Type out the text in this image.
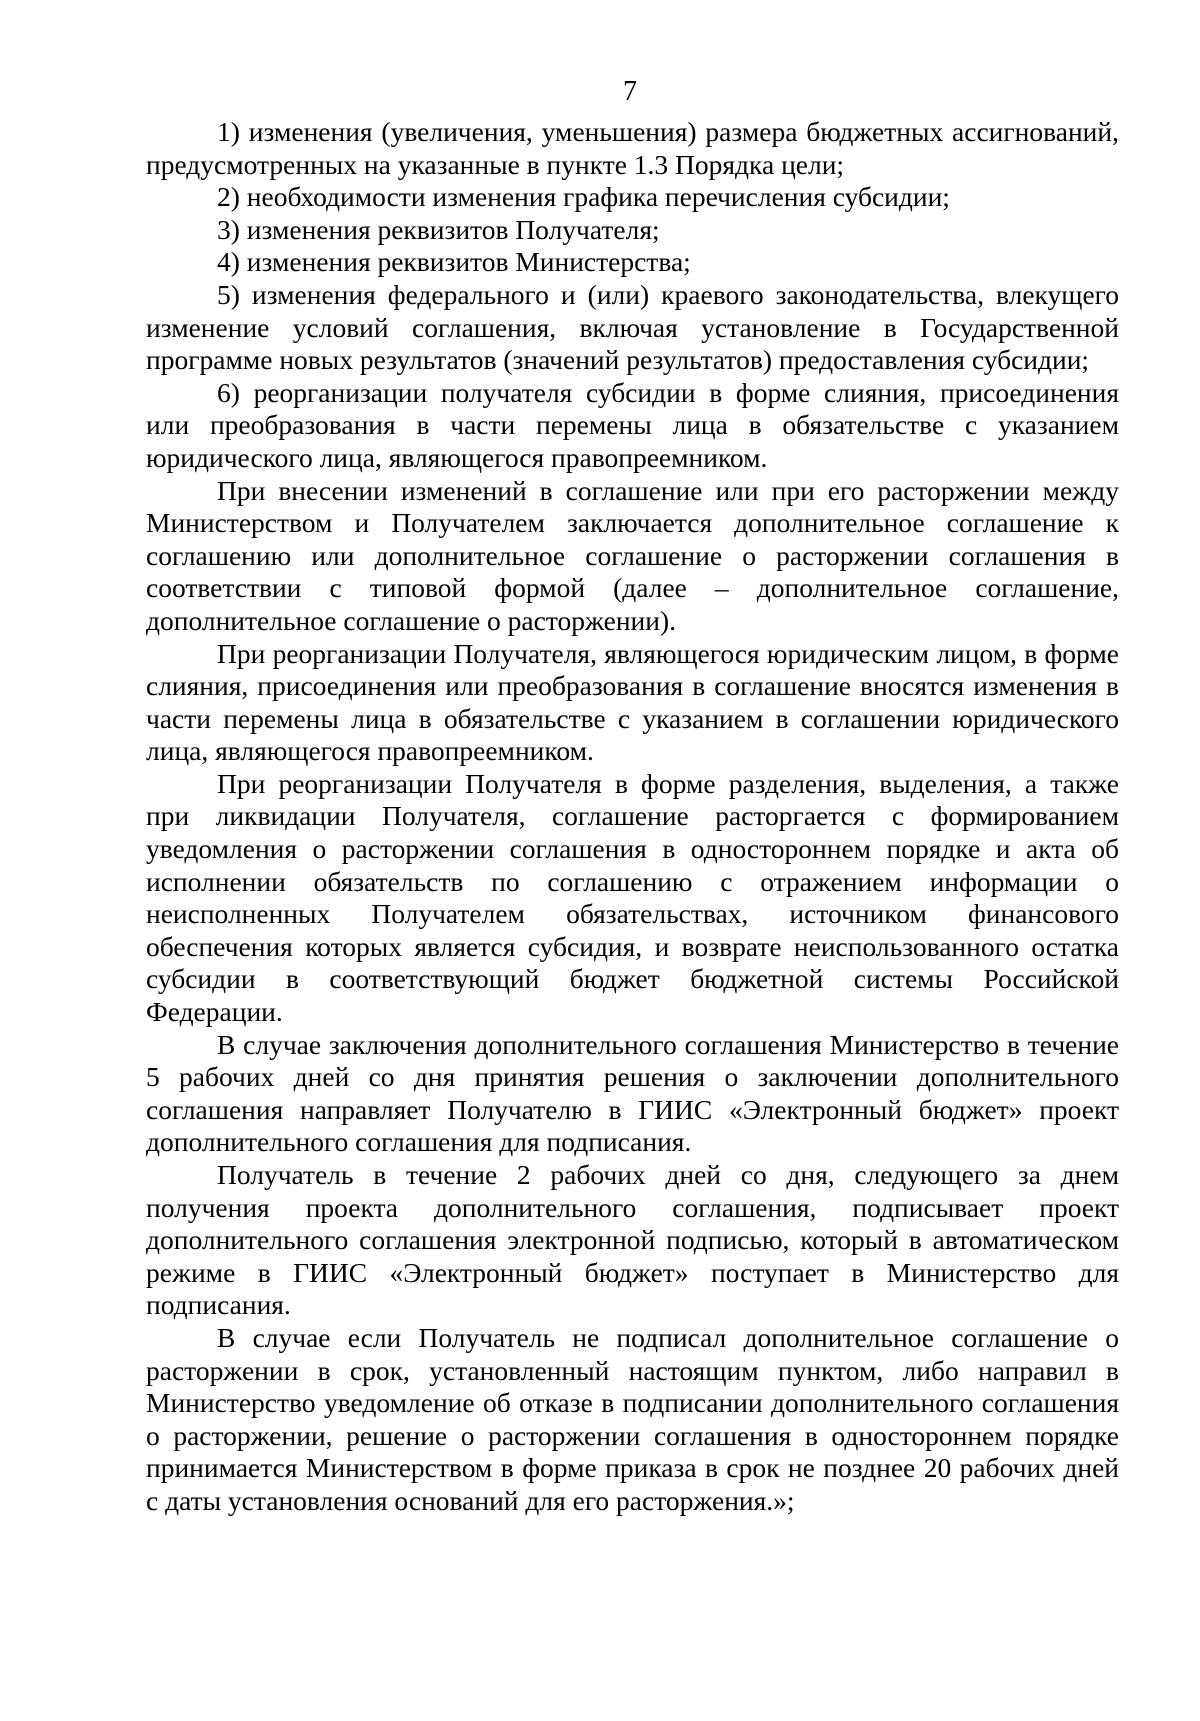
7

1) изменения (увеличения, уменьшения) размера бюджетных ассигнований, предусмотренных на указанные в пункте 1.3 Порядка цели;

2) необходимости изменения графика перечисления субсидии;

3) изменения реквизитов Получателя;

4) изменения реквизитов Министерства;

5) изменения федерального и (или) краевого законодательства, влекущего изменение условий соглашения, включая установление в Государственной программе новых результатов (значений результатов) предоставления субсидии;

6) реорганизации получателя субсидии в форме слияния, присоединения или преобразования в части перемены лица в обязательстве с указанием юридического лица, являющегося правопреемником.

При внесении изменений в соглашение или при его расторжении между Министерством и Получателем заключается дополнительное соглашение к соглашению или дополнительное соглашение о расторжении соглашения в соответствии с типовой формой (далее – дополнительное соглашение, дополнительное соглашение о расторжении).

При реорганизации Получателя, являющегося юридическим лицом, в форме слияния, присоединения или преобразования в соглашение вносятся изменения в части перемены лица в обязательстве с указанием в соглашении юридического лица, являющегося правопреемником.

При реорганизации Получателя в форме разделения, выделения, а также при ликвидации Получателя, соглашение расторгается с формированием уведомления о расторжении соглашения в одностороннем порядке и акта об исполнении обязательств по соглашению с отражением информации о неисполненных Получателем обязательствах, источником финансового обеспечения которых является субсидия, и возврате неиспользованного остатка субсидии в соответствующий бюджет бюджетной системы Российской Федерации.

В случае заключения дополнительного соглашения Министерство в течение 5 рабочих дней со дня принятия решения о заключении дополнительного соглашения направляет Получателю в ГИИС «Электронный бюджет» проект дополнительного соглашения для подписания.

Получатель в течение 2 рабочих дней со дня, следующего за днем получения проекта дополнительного соглашения, подписывает проект дополнительного соглашения электронной подписью, который в автоматическом режиме в ГИИС «Электронный бюджет» поступает в Министерство для подписания.

В случае если Получатель не подписал дополнительное соглашение о расторжении в срок, установленный настоящим пунктом, либо направил в Министерство уведомление об отказе в подписании дополнительного соглашения о расторжении, решение о расторжении соглашения в одностороннем порядке принимается Министерством в форме приказа в срок не позднее 20 рабочих дней с даты установления оснований для его расторжения.»;
